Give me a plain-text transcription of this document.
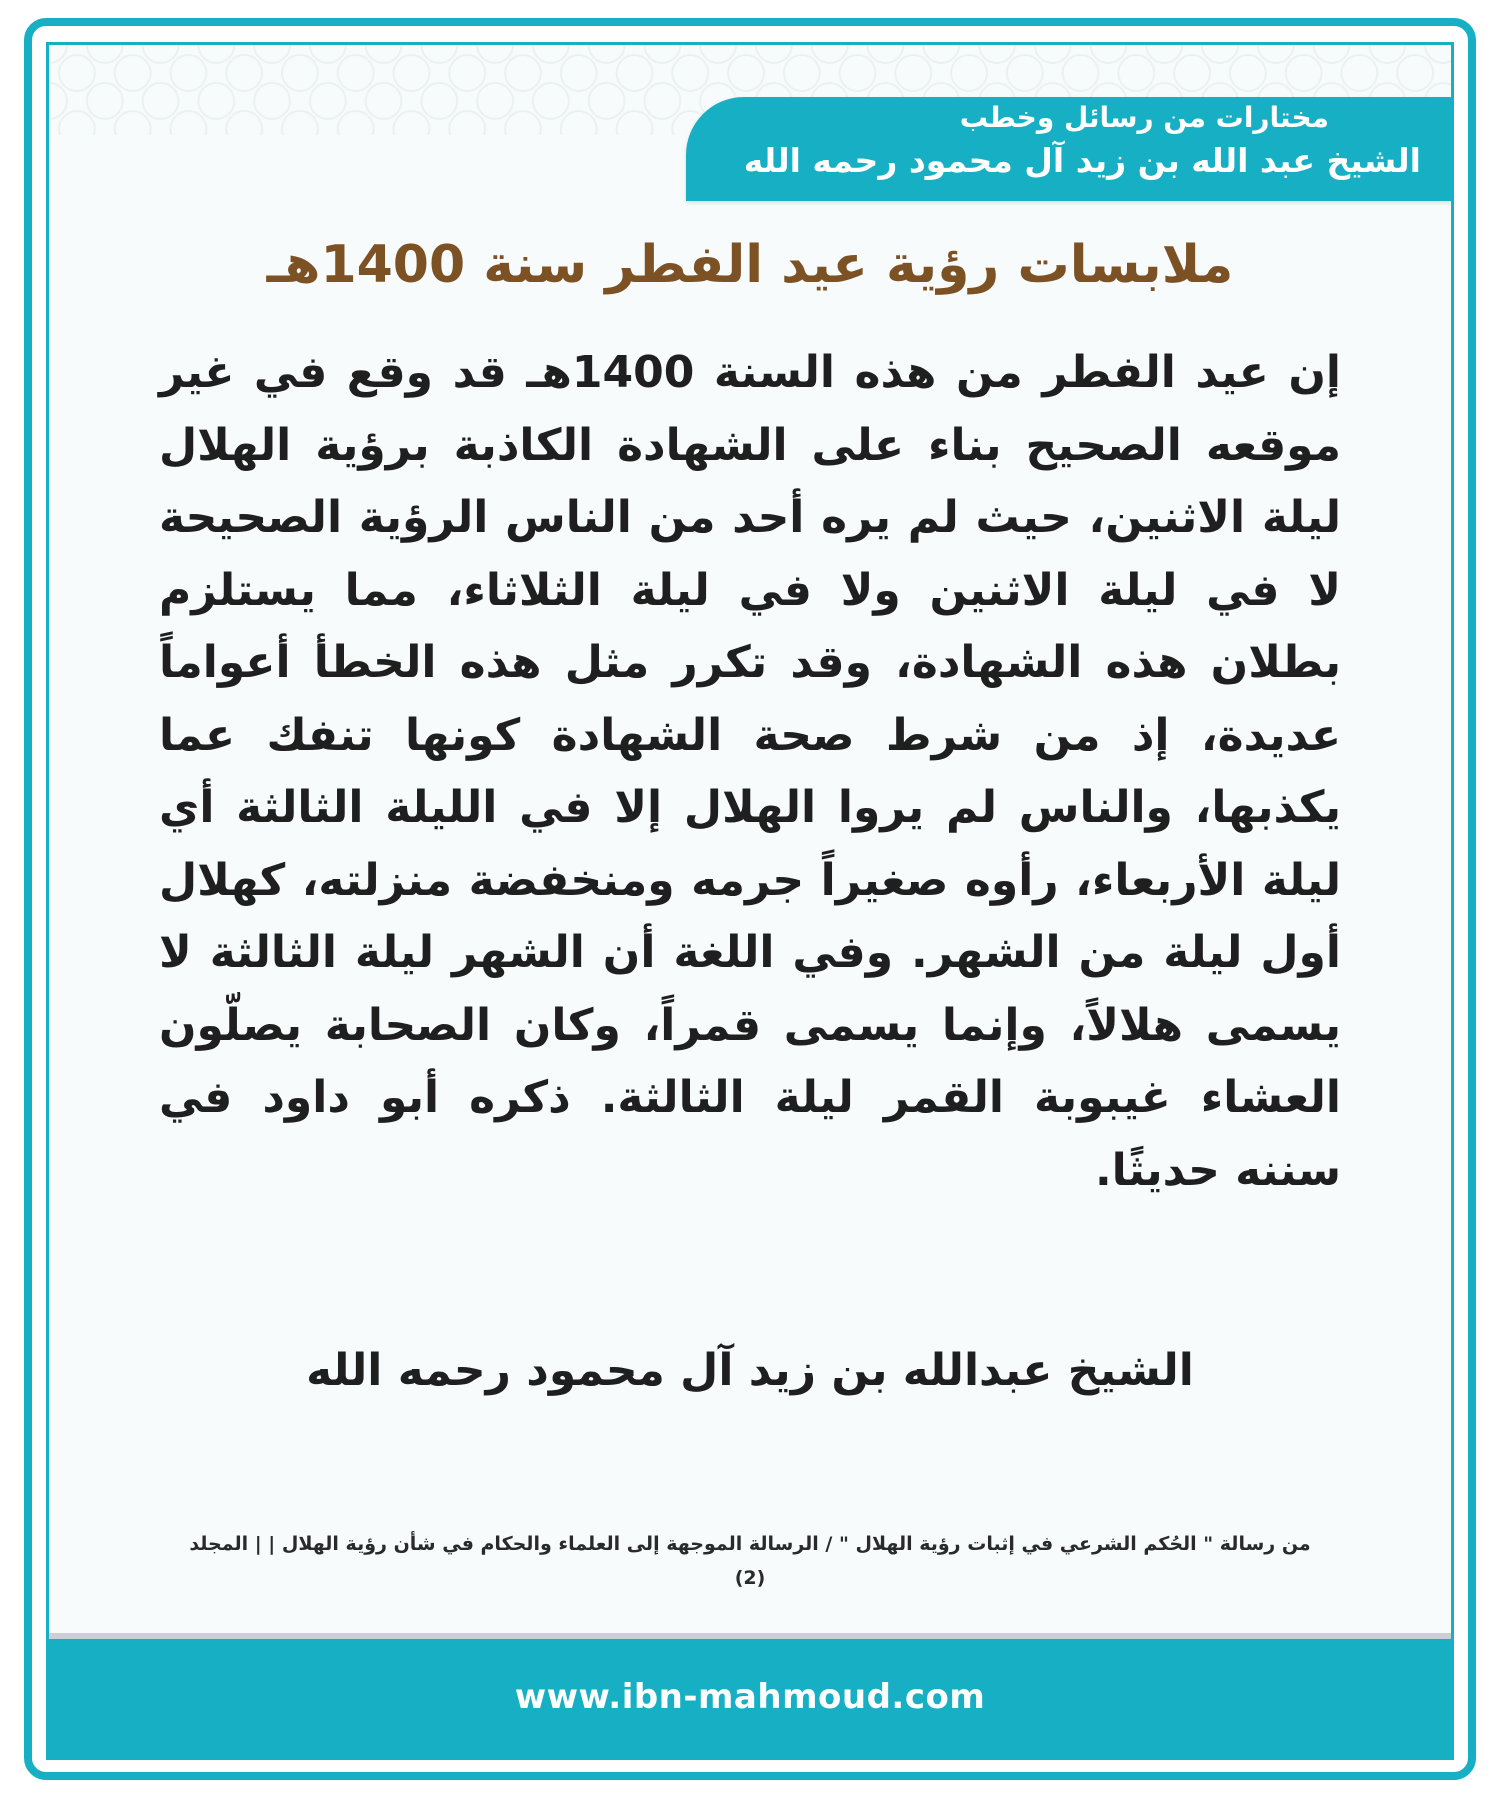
مختارات من رسائل وخطب
الشيخ عبد الله بن زيد آل محمود رحمه الله
ملابسات رؤية عيد الفطر سنة 1400هـ

إن عيد الفطر من هذه السنة 1400هـ قد وقع في غير موقعه الصحيح بناء على الشهادة الكاذبة برؤية الهلال ليلة الاثنين، حيث لم يره أحد من الناس الرؤية الصحيحة لا في ليلة الاثنين ولا في ليلة الثلاثاء، مما يستلزم بطلان هذه الشهادة، وقد تكرر مثل هذه الخطأ أعواماً عديدة، إذ من شرط صحة الشهادة كونها تنفك عما يكذبها، والناس لم يروا الهلال إلا في الليلة الثالثة أي ليلة الأربعاء، رأوه صغيراً جرمه ومنخفضة منزلته، كهلال أول ليلة من الشهر. وفي اللغة أن الشهر ليلة الثالثة لا يسمى هلالاً، وإنما يسمى قمراً، وكان الصحابة يصلّون العشاء غيبوبة القمر ليلة الثالثة. ذكره أبو داود في سننه حديثًا.

الشيخ عبدالله بن زيد آل محمود رحمه الله

من رسالة " الحُكم الشرعي في إثبات رؤية الهلال " / الرسالة الموجهة إلى العلماء والحكام في شأن رؤية الهلال | | المجلد (2)

www.ibn-mahmoud.com
